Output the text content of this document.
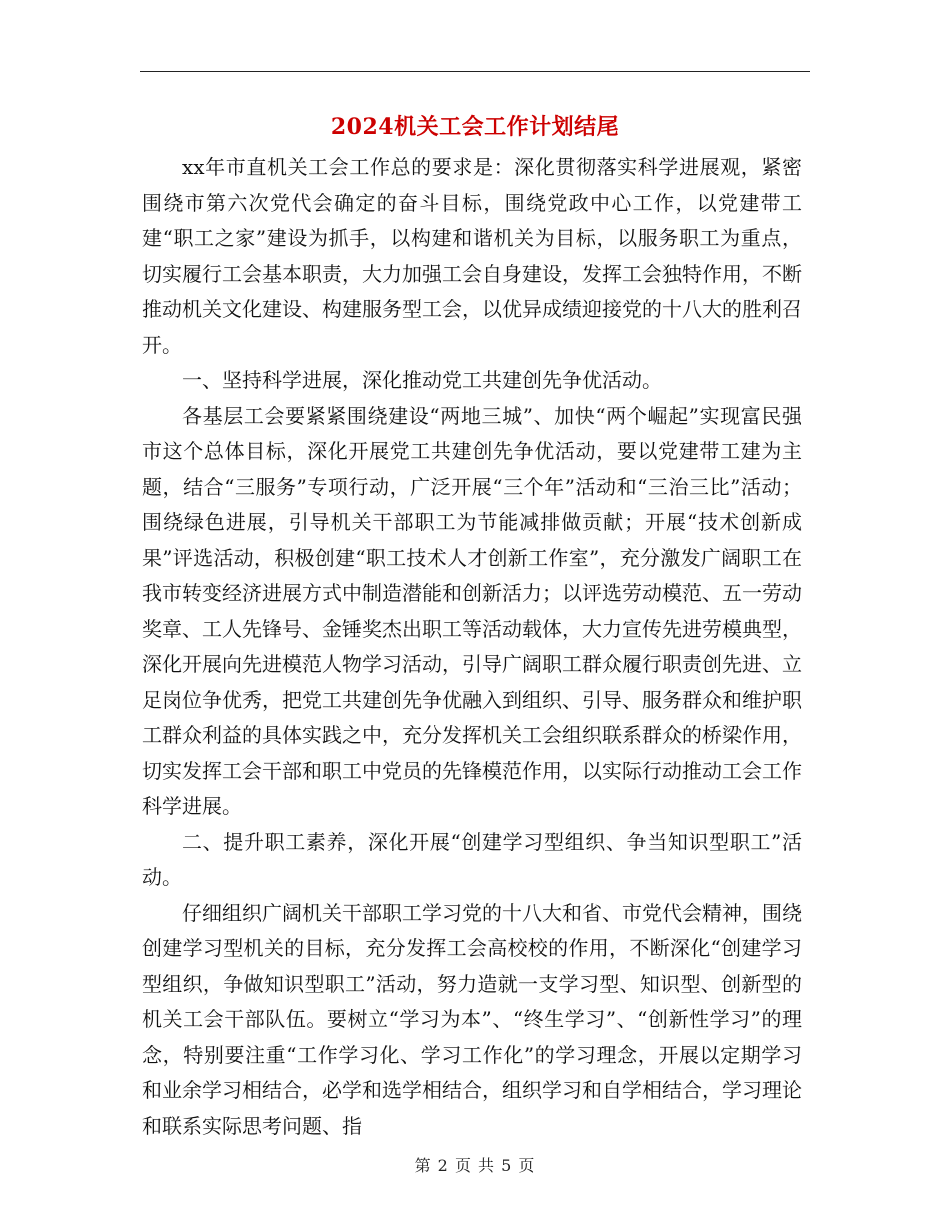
2024机关工会工作计划结尾

xx年市直机关工会工作总的要求是：深化贯彻落实科学进展观，紧密围绕市第六次党代会确定的奋斗目标，围绕党政中心工作，以党建带工建“职工之家”建设为抓手，以构建和谐机关为目标，以服务职工为重点，切实履行工会基本职责，大力加强工会自身建设，发挥工会独特作用，不断推动机关文化建设、构建服务型工会，以优异成绩迎接党的十八大的胜利召开。

一、坚持科学进展，深化推动党工共建创先争优活动。

各基层工会要紧紧围绕建设“两地三城”、加快“两个崛起”实现富民强市这个总体目标，深化开展党工共建创先争优活动，要以党建带工建为主题，结合“三服务”专项行动，广泛开展“三个年”活动和“三治三比”活动；围绕绿色进展，引导机关干部职工为节能减排做贡献；开展“技术创新成果”评选活动，积极创建“职工技术人才创新工作室”，充分激发广阔职工在我市转变经济进展方式中制造潜能和创新活力；以评选劳动模范、五一劳动奖章、工人先锋号、金锤奖杰出职工等活动载体，大力宣传先进劳模典型，深化开展向先进模范人物学习活动，引导广阔职工群众履行职责创先进、立足岗位争优秀，把党工共建创先争优融入到组织、引导、服务群众和维护职工群众利益的具体实践之中，充分发挥机关工会组织联系群众的桥梁作用，切实发挥工会干部和职工中党员的先锋模范作用，以实际行动推动工会工作科学进展。

二、提升职工素养，深化开展“创建学习型组织、争当知识型职工”活动。

仔细组织广阔机关干部职工学习党的十八大和省、市党代会精神，围绕创建学习型机关的目标，充分发挥工会高校校的作用，不断深化“创建学习型组织，争做知识型职工”活动，努力造就一支学习型、知识型、创新型的机关工会干部队伍。要树立“学习为本”、“终生学习”、“创新性学习”的理念，特别要注重“工作学习化、学习工作化”的学习理念，开展以定期学习和业余学习相结合，必学和选学相结合，组织学习和自学相结合，学习理论和联系实际思考问题、指

第 2 页 共 5 页
